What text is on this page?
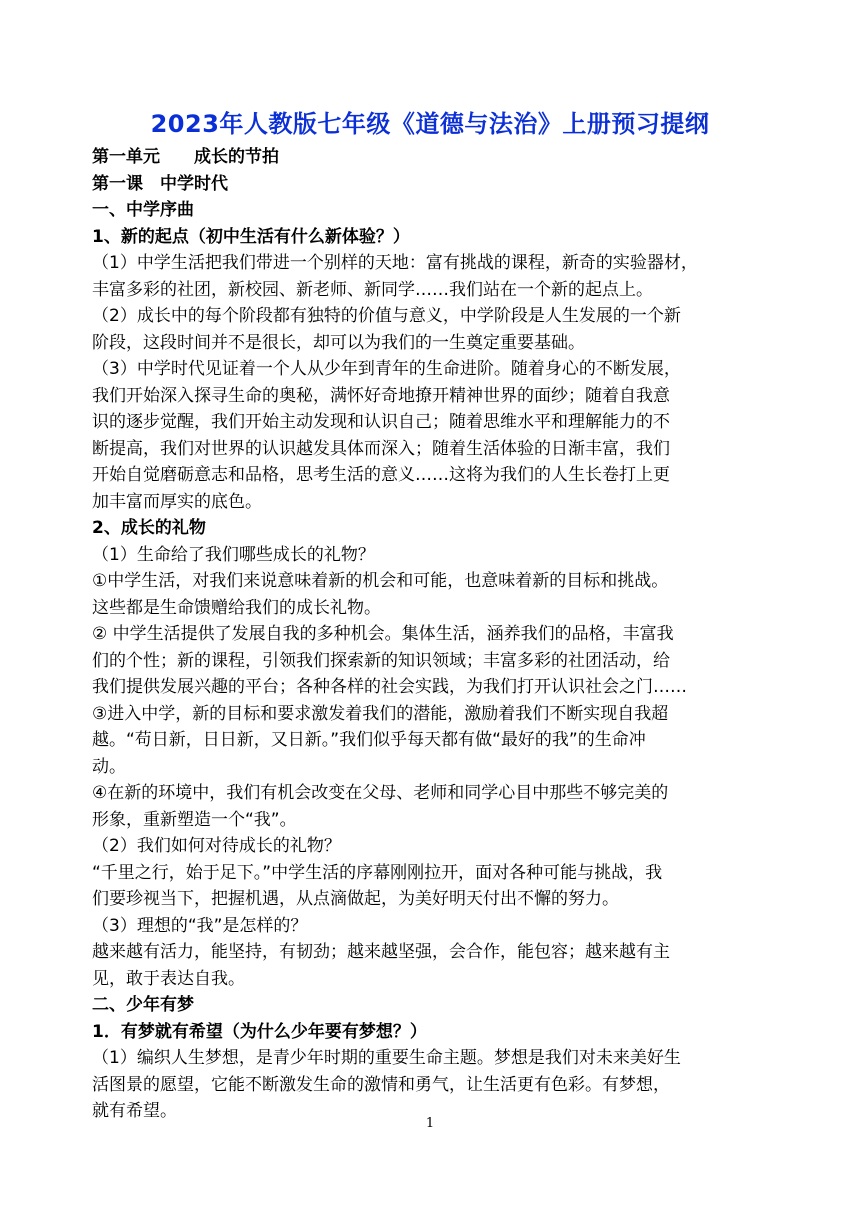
2023年人教版七年级《道德与法治》上册预习提纲
第一单元　　成长的节拍
第一课　中学时代
一、中学序曲
1、新的起点（初中生活有什么新体验？）
（1）中学生活把我们带进一个别样的天地：富有挑战的课程，新奇的实验器材，
丰富多彩的社团，新校园、新老师、新同学……我们站在一个新的起点上。
（2）成长中的每个阶段都有独特的价值与意义，中学阶段是人生发展的一个新
阶段，这段时间并不是很长，却可以为我们的一生奠定重要基础。
（3）中学时代见证着一个人从少年到青年的生命进阶。随着身心的不断发展，
我们开始深入探寻生命的奥秘，满怀好奇地撩开精神世界的面纱；随着自我意
识的逐步觉醒，我们开始主动发现和认识自己；随着思维水平和理解能力的不
断提高，我们对世界的认识越发具体而深入；随着生活体验的日渐丰富，我们
开始自觉磨砺意志和品格，思考生活的意义……这将为我们的人生长卷打上更
加丰富而厚实的底色。
2、成长的礼物
（1）生命给了我们哪些成长的礼物？
①中学生活，对我们来说意味着新的机会和可能，也意味着新的目标和挑战。
这些都是生命馈赠给我们的成长礼物。
② 中学生活提供了发展自我的多种机会。集体生活，涵养我们的品格，丰富我
们的个性；新的课程，引领我们探索新的知识领域；丰富多彩的社团活动，给
我们提供发展兴趣的平台；各种各样的社会实践，为我们打开认识社会之门……
③进入中学，新的目标和要求激发着我们的潜能，激励着我们不断实现自我超
越。“苟日新，日日新，又日新。”我们似乎每天都有做“最好的我”的生命冲
动。
④在新的环境中，我们有机会改变在父母、老师和同学心目中那些不够完美的
形象，重新塑造一个“我”。
（2）我们如何对待成长的礼物？
“千里之行，始于足下。”中学生活的序幕刚刚拉开，面对各种可能与挑战，我
们要珍视当下，把握机遇，从点滴做起，为美好明天付出不懈的努力。
（3）理想的“我”是怎样的？
越来越有活力，能坚持，有韧劲；越来越坚强，会合作，能包容；越来越有主
见，敢于表达自我。
二、少年有梦
1．有梦就有希望（为什么少年要有梦想？）
（1）编织人生梦想，是青少年时期的重要生命主题。梦想是我们对未来美好生
活图景的愿望，它能不断激发生命的激情和勇气，让生活更有色彩。有梦想，
就有希望。
1
